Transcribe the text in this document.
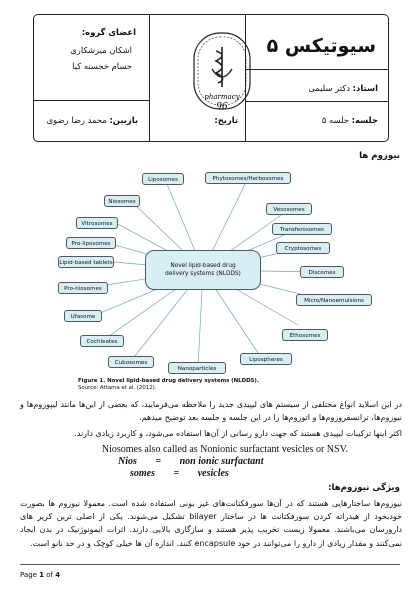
سیوتیکس ۵
اعضای گروه:
اشکان میرشکاری
حسام خجسته کیا
استاد: دکتر سلیمی
جلسه: جلسه ۵
تاریخ:
بازبین: محمد رضا رضوی
pharmacy
96
نیوزوم ها
Novel lipid-based drug
delivery systems (NLDDS)
Phytosomes/Herbosomes
Vesosomes
Transferosomes
Cryptosomes
Discomes
Micro/Nanoemulsions
Ethosomes
Lipospheres
Nanoparticles
Cubosomes
Cochleates
Ufasome
Pro-niosomes
Lipid-based tablets
Pro-liposomes
Vitrosomes
Niosomes
Liposomes
Figure 1. Novel lipid-based drug delivery systems (NLDDS).
Source: Attama et al. (2012).
در این اسلاید انواع مختلفی از سیستم های لیپیدی جدید را ملاحظه می‌فرمایید، که بعضی از این‌ها مانند لیپوزوم‌ها و نیوزوم‌ها، ترانسفروزوم‌ها و اتوزوم‌ها را در این جلسه و جلسه بعد توضیح میدهم.
اکثر اینها ترکیبات لیپیدی هستند که جهت دارو رسانی از آن‌ها استفاده می‌شود، و کاربرد زیادی دارند.
Niosomes also called as Nonionic surfactant vesicles or NSV.
Nios = non ionic surfactant
somes = vesicles
ویژگی نیوزوم‌ها:
نیوزوم‌ها ساختارهایی هستند که در آن‌ها سورفکتانت‌های غیر یونی استفاده شده است. معمولا نیوزوم ها بصورت خودبخود از هیدراته کردن سورفکتانت ها در ساختار bilayer تشکیل می‌شوند. یکی از اصلی ترین کریر های دارورسان می‌باشند. معمولا زیست تخریب پذیر هستند و سازگاری بالایی دارند. اثرات ایمونوژنیک در بدن ایجاد نمی‌کنند و مقدار زیادی از دارو را می‌توانند در خود encapsule کنند. اندازه آن ها خیلی کوچک و در حد نانو است.
Page 1 of 4
